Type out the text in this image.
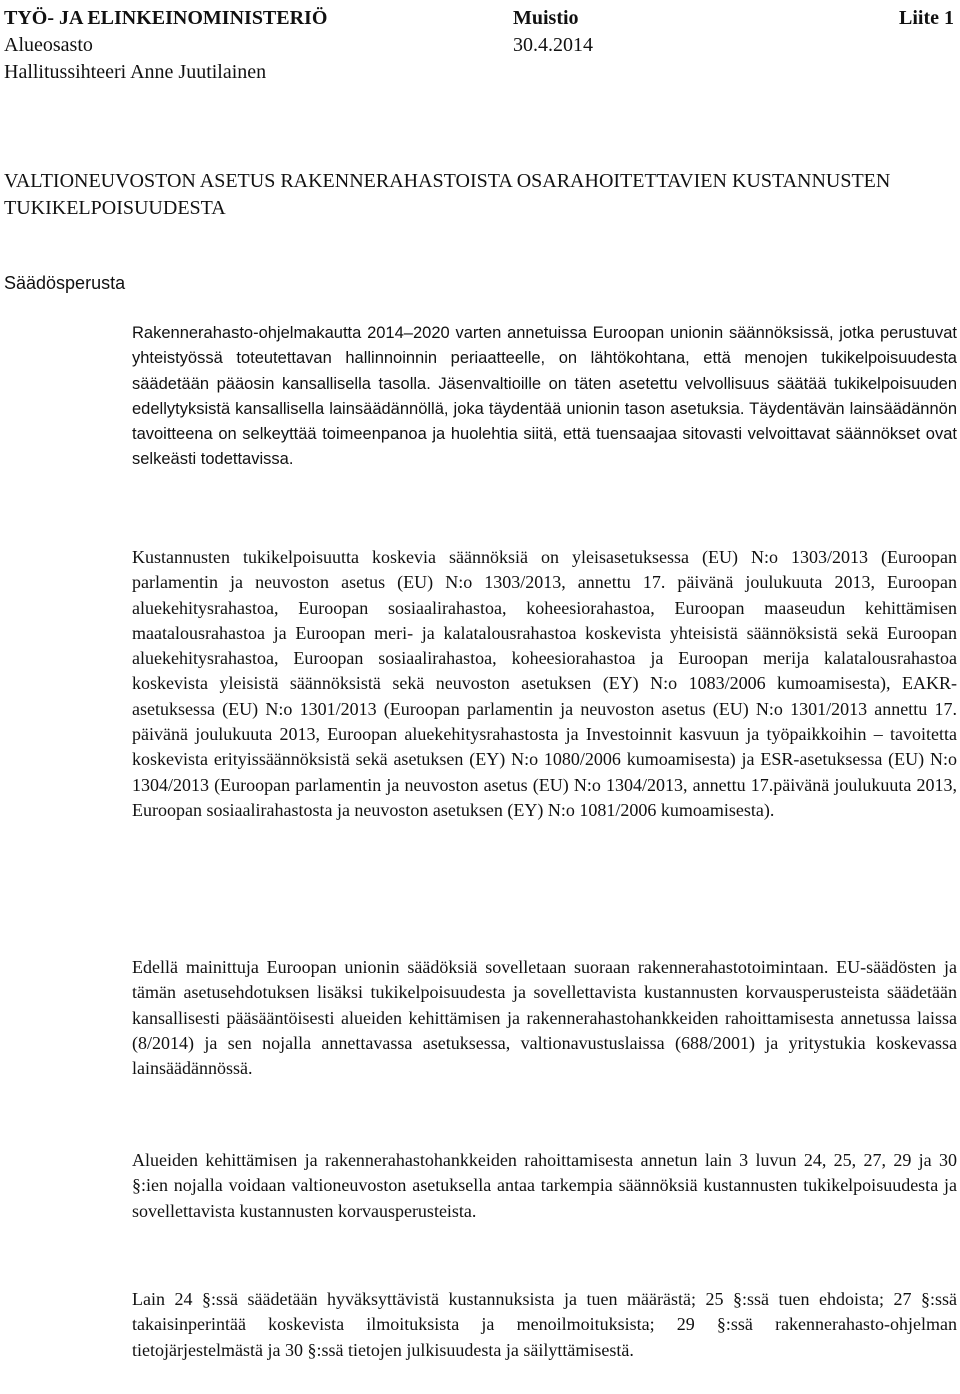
TYÖ- JA ELINKEINOMINISTERIÖ	Muistio	Liite 1
Alueosasto	30.4.2014
Hallitussihteeri Anne Juutilainen
VALTIONEUVOSTON ASETUS RAKENNERAHASTOISTA OSARAHOITETTAVIEN KUSTANNUSTEN TUKIKELPOISUUDESTA
Säädösperusta

Rakennerahasto-ohjelmakautta 2014–2020 varten annetuissa Euroopan unionin säännöksissä, jotka perustuvat yhteistyössä toteutettavan hallinnoinnin periaatteelle, on lähtökohtana, että menojen tukikelpoisuudesta säädetään pääosin kansallisella tasolla. Jäsenvaltioille on täten asetettu velvollisuus säätää tukikelpoisuuden edellytyksistä kansallisella lainsäädännöllä, joka täydentää unionin tason asetuksia. Täydentävän lainsäädännön tavoitteena on selkeyttää toimeenpanoa ja huolehtia siitä, että tuensaajaa sitovasti velvoittavat säännökset ovat selkeästi todettavissa.

Kustannusten tukikelpoisuutta koskevia säännöksiä on yleisasetuksessa (EU) N:o 1303/2013 (Euroopan parlamentin ja neuvoston asetus (EU) N:o 1303/2013, annettu 17. päivänä joulukuuta 2013, Euroopan aluekehitysrahastoa, Euroopan sosiaalirahastoa, koheesiorahastoa, Euroopan maaseudun kehittämisen maatalousrahastoa ja Euroopan meri- ja kalatalousrahastoa koskevista yhteisistä säännöksistä sekä Euroopan aluekehitysrahastoa, Euroopan sosiaalirahastoa, koheesiorahastoa ja Euroopan merija kalatalousrahastoa koskevista yleisistä säännöksistä sekä neuvoston asetuksen (EY) N:o 1083/2006 kumoamisesta), EAKR-asetuksessa (EU) N:o 1301/2013 (Euroopan parlamentin ja neuvoston asetus (EU) N:o 1301/2013 annettu 17. päivänä joulukuuta 2013, Euroopan aluekehitysrahastosta ja Investoinnit kasvuun ja työpaikkoihin – tavoitetta koskevista erityissäännöksistä sekä asetuksen (EY) N:o 1080/2006 kumoamisesta) ja ESR-asetuksessa (EU) N:o 1304/2013 (Euroopan parlamentin ja neuvoston asetus (EU) N:o 1304/2013, annettu 17.päivänä joulukuuta 2013, Euroopan sosiaalirahastosta ja neuvoston asetuksen (EY) N:o 1081/2006 kumoamisesta).

Edellä mainittuja Euroopan unionin säädöksiä sovelletaan suoraan rakennerahastotoimintaan. EU-säädösten ja tämän asetusehdotuksen lisäksi tukikelpoisuudesta ja sovellettavista kustannusten korvausperusteista säädetään kansallisesti pääsääntöisesti alueiden kehittämisen ja rakennerahastohankkeiden rahoittamisesta annetussa laissa (8/2014) ja sen nojalla annettavassa asetuksessa, valtionavustuslaissa (688/2001) ja yritystukia koskevassa lainsäädännössä.

Alueiden kehittämisen ja rakennerahastohankkeiden rahoittamisesta annetun lain 3 luvun 24, 25, 27, 29 ja 30 §:ien nojalla voidaan valtioneuvoston asetuksella antaa tarkempia säännöksiä kustannusten tukikelpoisuudesta ja sovellettavista kustannusten korvausperusteista.

Lain 24 §:ssä säädetään hyväksyttävistä kustannuksista ja tuen määrästä; 25 §:ssä tuen ehdoista; 27 §:ssä takaisinperintää koskevista ilmoituksista ja menoilmoituksista; 29 §:ssä rakennerahasto-ohjelman tietojärjestelmästä ja 30 §:ssä tietojen julkisuudesta ja säilyttämisestä.
